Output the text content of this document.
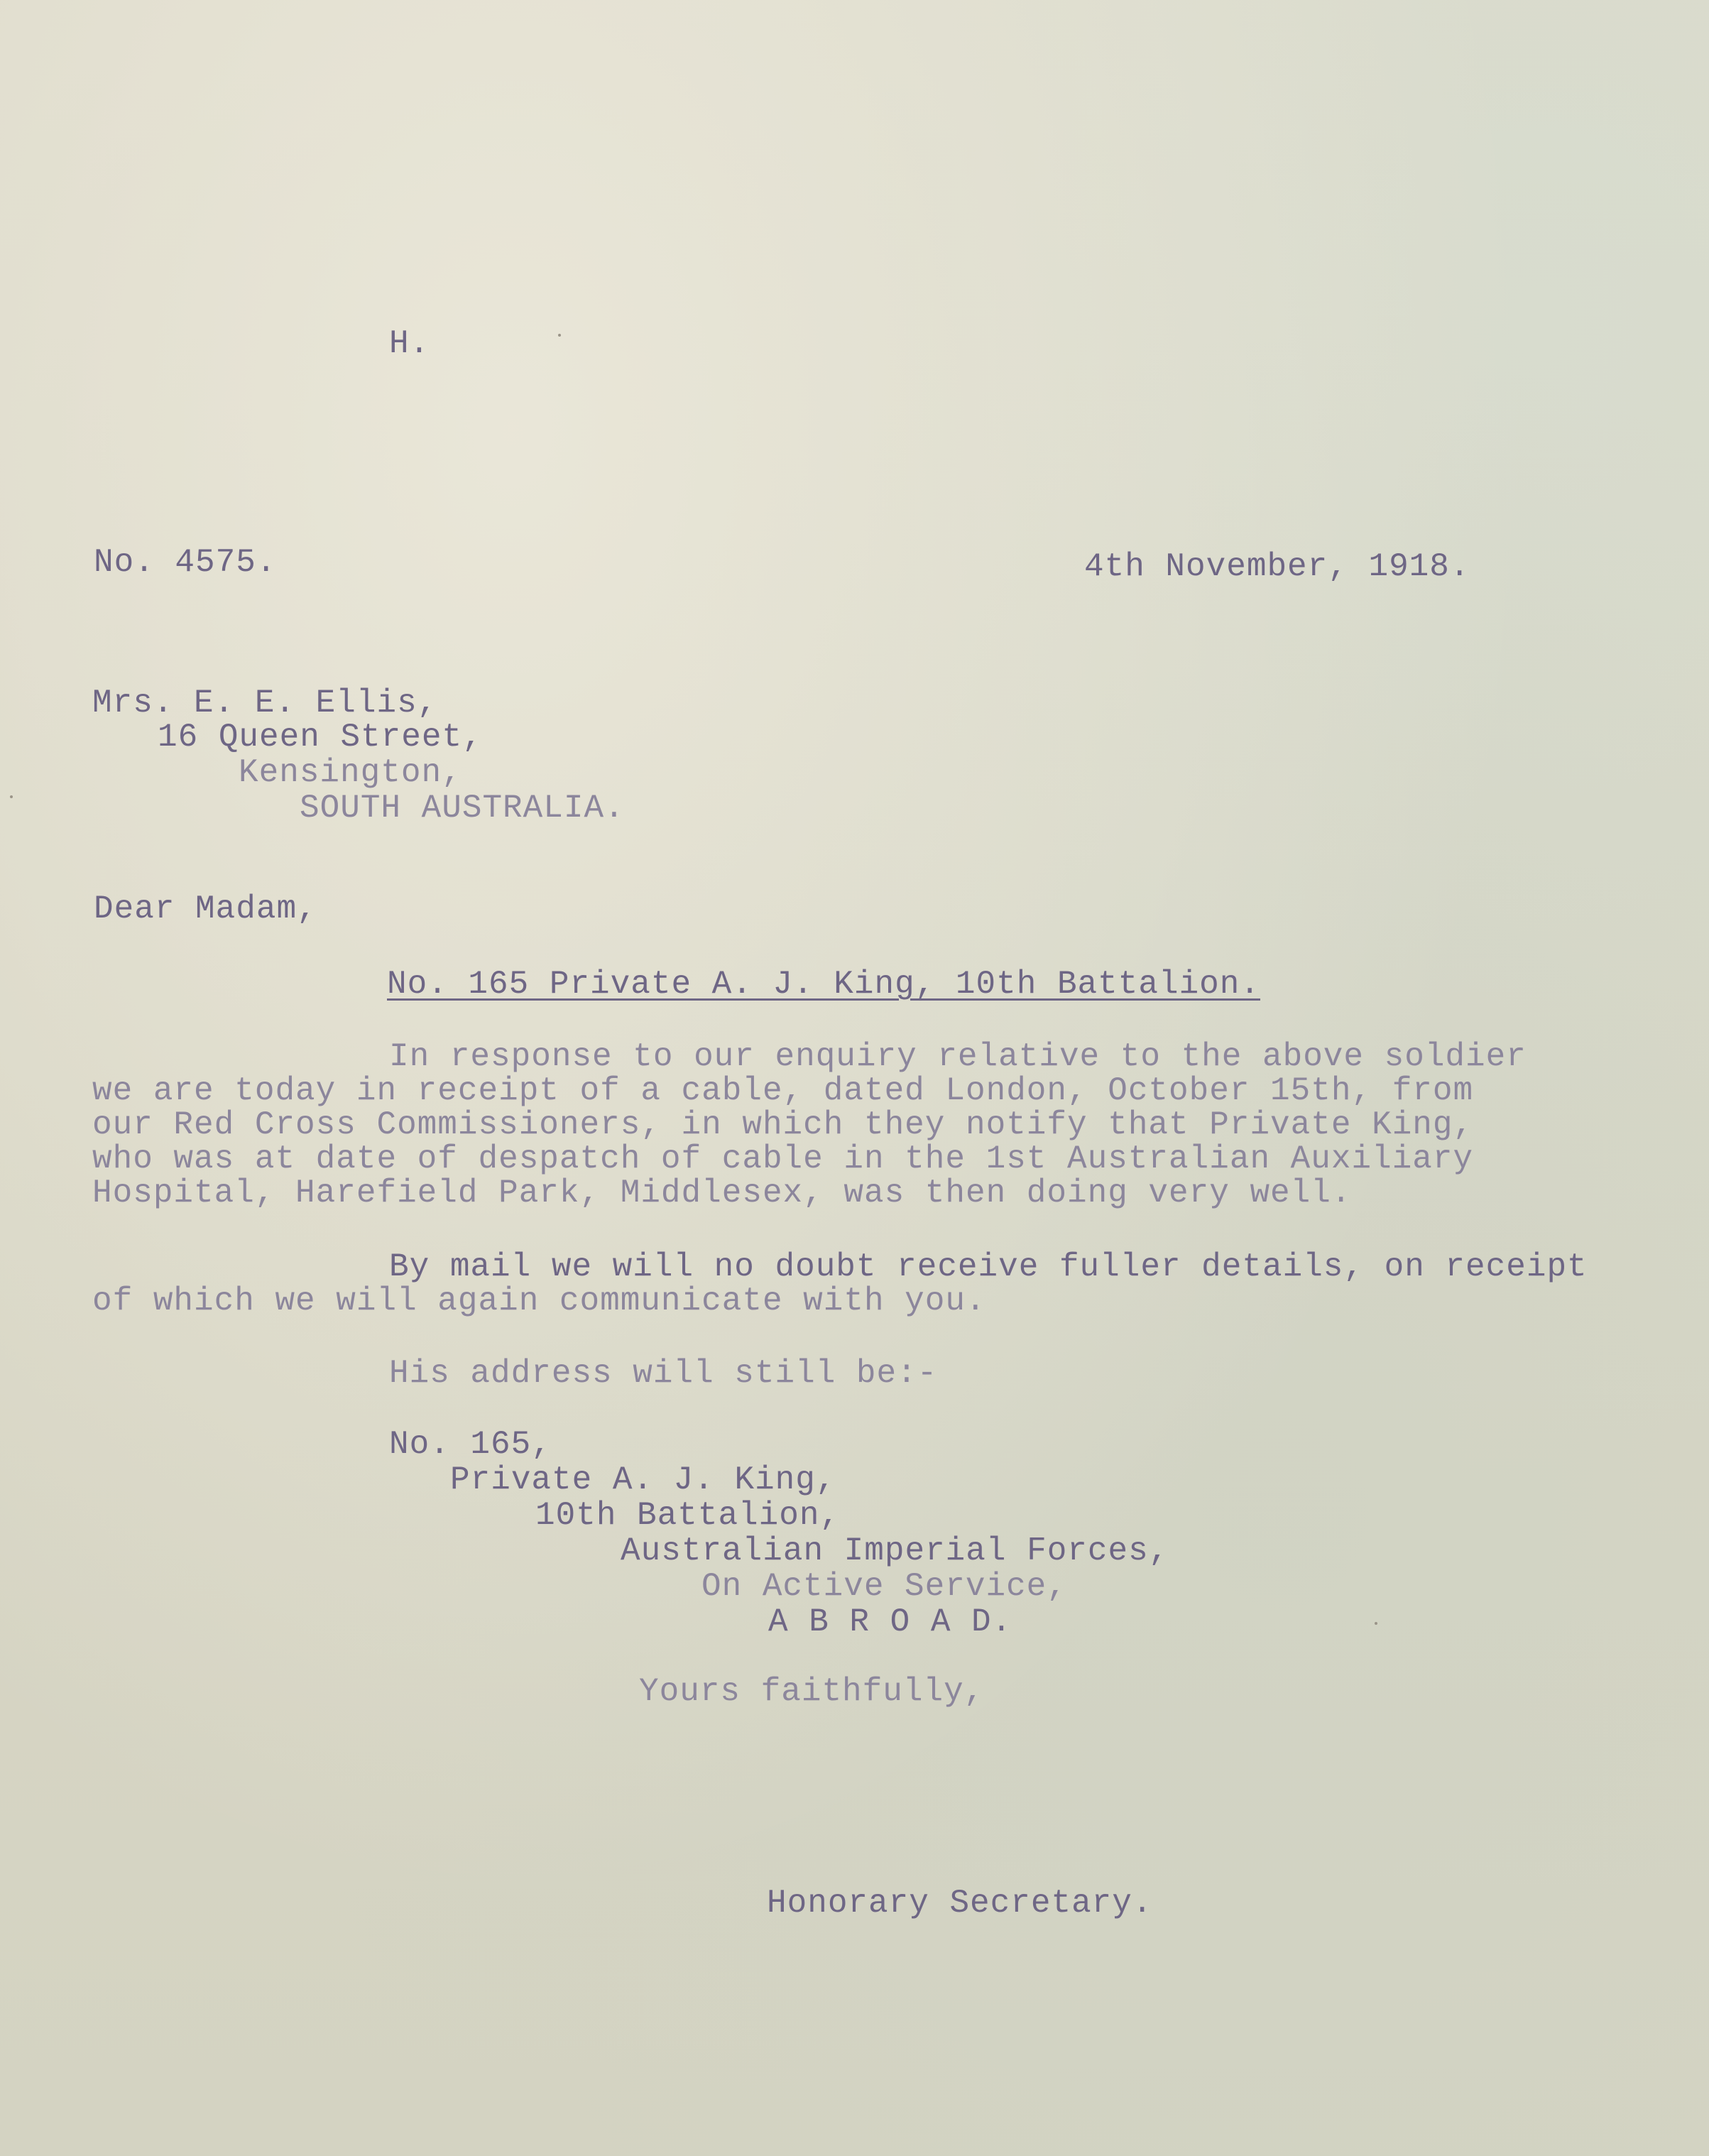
H.
No. 4575.	4th November, 1918.
Mrs. E. E. Ellis,
16 Queen Street,
Kensington,
SOUTH AUSTRALIA.
Dear Madam,
No. 165 Private A. J. King, 10th Battalion.
In response to our enquiry relative to the above soldier
we are today in receipt of a cable, dated London, October 15th, from
our Red Cross Commissioners, in which they notify that Private King,
who was at date of despatch of cable in the 1st Australian Auxiliary
Hospital, Harefield Park, Middlesex, was then doing very well.
By mail we will no doubt receive fuller details, on receipt
of which we will again communicate with you.
His address will still be:-
No. 165,
Private A. J. King,
10th Battalion,
Australian Imperial Forces,
On Active Service,
A B R O A D.
Yours faithfully,
Honorary Secretary.
